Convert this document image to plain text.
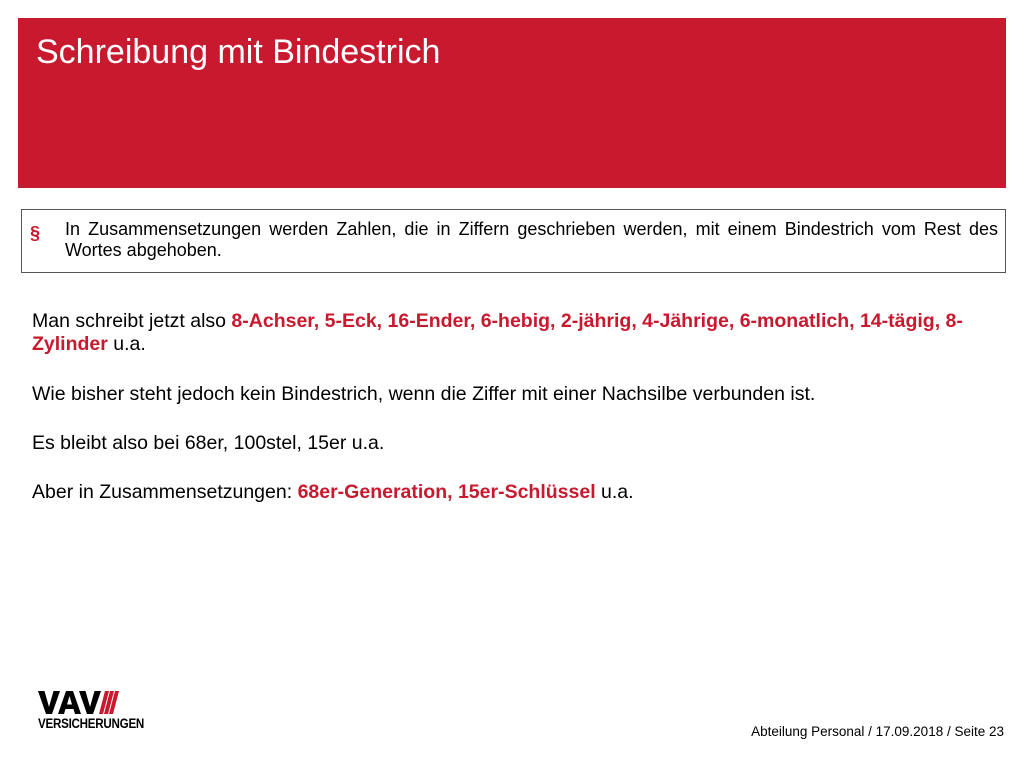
Schreibung mit Bindestrich
§ In Zusammensetzungen werden Zahlen, die in Ziffern geschrieben werden, mit einem Bindestrich vom Rest des Wortes abgehoben.

Man schreibt jetzt also 8-Achser, 5-Eck, 16-Ender, 6-hebig, 2-jährig, 4-Jährige, 6-monatlich, 14-tägig, 8-Zylinder u.a.

Wie bisher steht jedoch kein Bindestrich, wenn die Ziffer mit einer Nachsilbe verbunden ist.

Es bleibt also bei 68er, 100stel, 15er u.a.

Aber in Zusammensetzungen: 68er-Generation, 15er-Schlüssel u.a.

VERSICHERUNGEN
Abteilung Personal / 17.09.2018 / Seite 23
